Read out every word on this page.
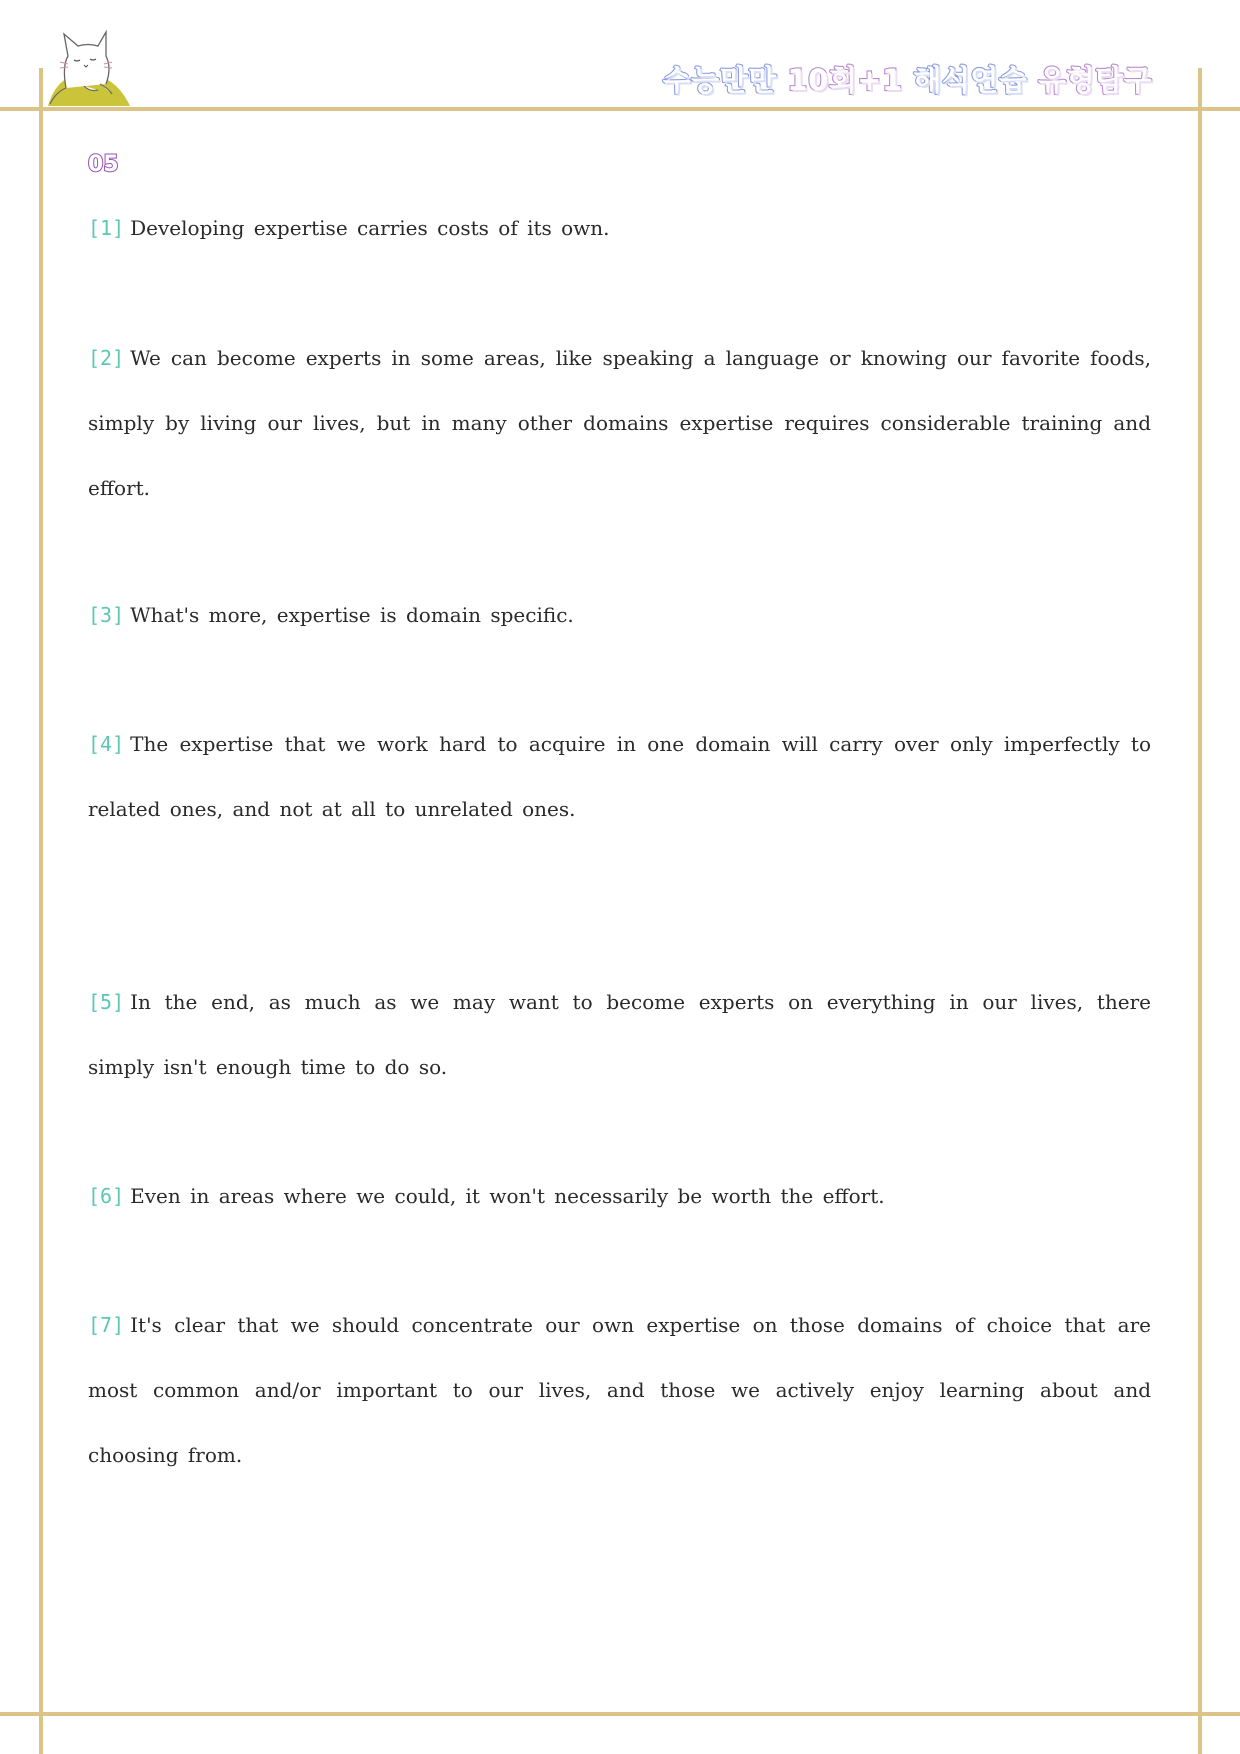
수능만만 10회+1 해석연습 유형탐구
05

[1] Developing expertise carries costs of its own.

[2] We can become experts in some areas, like speaking a language or knowing our favorite foods, simply by living our lives, but in many other domains expertise requires considerable training and effort.

[3] What's more, expertise is domain specific.

[4] The expertise that we work hard to acquire in one domain will carry over only imperfectly to related ones, and not at all to unrelated ones.

[5] In the end, as much as we may want to become experts on everything in our lives, there simply isn't enough time to do so.

[6] Even in areas where we could, it won't necessarily be worth the effort.

[7] It's clear that we should concentrate our own expertise on those domains of choice that are most common and/or important to our lives, and those we actively enjoy learning about and choosing from.
